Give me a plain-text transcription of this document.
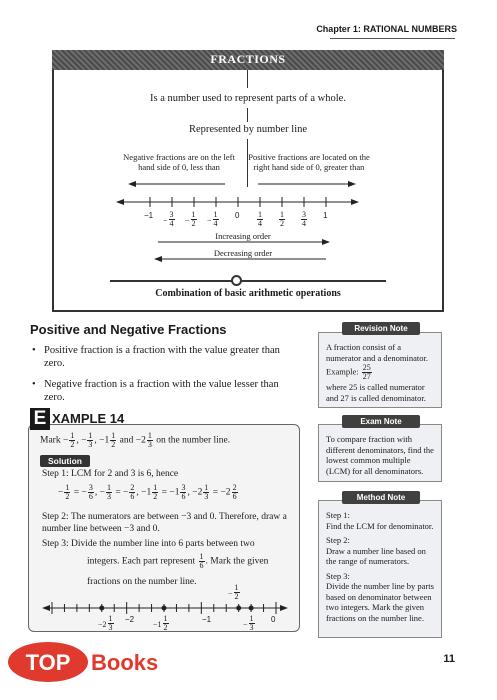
Chapter 1: RATIONAL NUMBERS
FRACTIONS
Is a number used to represent parts of a whole.
Represented by number line
Negative fractions are on the left hand side of 0, less than
Positive fractions are located on the right hand side of 0, greater than
−1
− $\frac{3}{4} - \frac{1}{2} - \frac{1}{4} 0 \frac{1}{4} \frac{1}{2} \frac{3}{4} 1$
Increasing order
Decreasing order
Combination of basic arithmetic operations
Positive and Negative Fractions
• Positive fraction is a fraction with the value greater than zero.
• Negative fraction is a fraction with the value lesser than zero.
A fraction consist of a numerator and a denominator.
Example: $\frac{25}{27}$
where 25 is called numerator and 27 is called denominator.
Revision Note
To compare fraction with different denominators, find the lowest common multiple (LCM) for all denominators.
Exam Note
Step 1:
Find the LCM for denominator.
Step 2:
Draw a number line based on the range of numerators.
Step 3:
Divide the number line by parts based on denominator between two integers. Mark the given fractions on the number line.
Method Note
E XAMPLE 14
Mark − $\frac{1}{2}$ , − $\frac{1}{3}$ , $-1 \frac{1}{2}$ and $-2 \frac{1}{3}$ on the number line.
Solution
Step 1: LCM for 2 and 3 is 6, hence
− $\frac{1}{2}$ = − $\frac{3}{6}$ , − $\frac{1}{3}$ = − $\frac{2}{6}$ , $-1 \frac{1}{2} = -1 \frac{3}{6}$ , $-2 \frac{1}{3} = -2 \frac{2}{6}$
Step 2: The numerators are between −3 and 0. Therefore, draw a number line between −3 and 0.
Step 3: Divide the number line into 6 parts between two
integers. Each part represent $\frac{1}{6}$ . Mark the given
fractions on the number line.
− $\frac{1}{2}$
$-2 \frac{1}{3} -2$
$-1 \frac{1}{2}$	−1
− $\frac{1}{3} 0$
TOP Books	11
